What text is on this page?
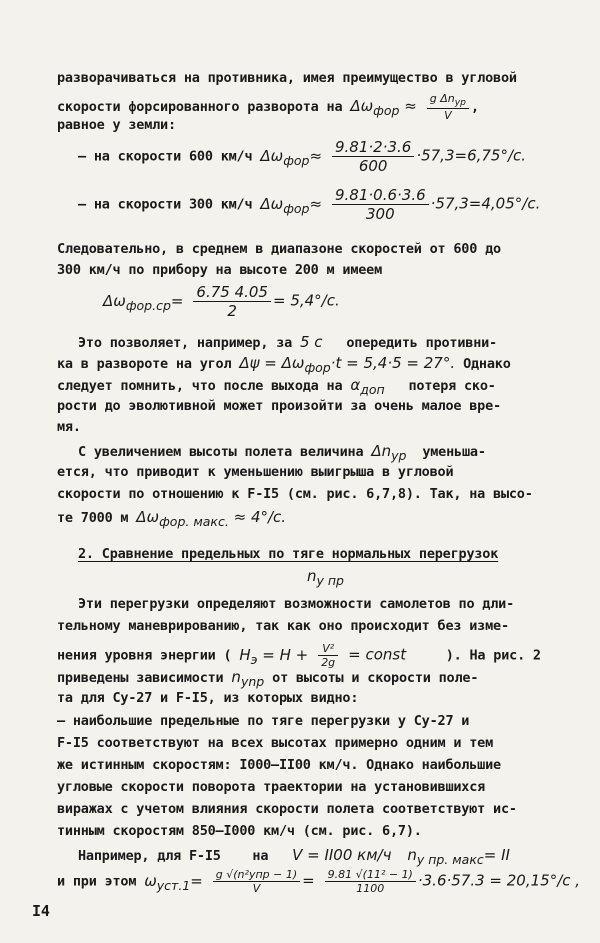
разворачиваться на противника, имея преимущество в угловой
скорости форсированного разворота на $\Delta\omega_{фор} \approx \frac{g \Delta n_{уp}}{V}$ ,
равное у земли:
– на скорости 600 км/ч $\Delta\omega_{фор}\approx \frac{9.81\cdot 2\cdot 3.6}{600} \cdot 57,3=6,75^\circ/с$.
– на скорости 300 км/ч $\Delta\omega_{фор}\approx \frac{9.81\cdot 0.6\cdot 3.6}{300} \cdot 57,3=4,05^\circ/с$.
Следовательно, в среднем в диапазоне скоростей от 600 до
300 км/ч по прибору на высоте 200 м имеем
$\Delta\omega_{фор.ср}= \frac{6.75 4.05}{2} = 5,4^\circ/с$.
Это позволяет, например, за 5 с опередить противни-
ка в развороте на угол $\Delta\psi = \Delta\omega_{фор}\cdot t = 5,4\cdot 5 = 27^\circ$. Однако
следует помнить, что после выхода на $\alpha_{доп}$ потеря ско-
рости до эволютивной может произойти за очень малое вре-
мя.
С увеличением высоты полета величина $\Delta n_{уp}$ уменьша-
ется, что приводит к уменьшению выигрыша в угловой
скорости по отношению к F-I5 (см. рис. 6,7,8). Так, на высо-
те 7000 м $\Delta\omega_{фор. макс.} \approx 4^\circ/с$.
2. Сравнение предельных по тяге нормальных перегрузок
$n_{у пр}$
Эти перегрузки определяют возможности самолетов по дли-
тельному маневрированию, так как оно происходит без изме-
нения уровня энергии ( $H_э = H + \frac{\text{V²}}{2g}$ = const	). На рис. 2
приведены зависимости $n_{уnp}$ от высоты и скорости поле-
та для Су-27 и F-I5, из которых видно:
– наибольшие предельные по тяге перегрузки у Су-27 и
F-I5 соответствуют на всех высотах примерно одним и тем
же истинным скоростям: I000–II00 км/ч. Однако наибольшие
угловые скорости поворота траектории на установившихся
виражах с учетом влияния скорости полета соответствуют ис-
тинным скоростям 850–I000 км/ч (см. рис. 6,7).
Например, для F-I5 на V = II00 км/ч $n_{у пр. макс}=$ II
и при этом $\omega_{уст.1}= \frac{\text{g √(n²упр − 1)}}{V} = \frac{\text{9.81 √(11² − 1)}}{1100} \cdot 3.6\cdot 57.3 = 20,15^\circ/с$ ,
I4
